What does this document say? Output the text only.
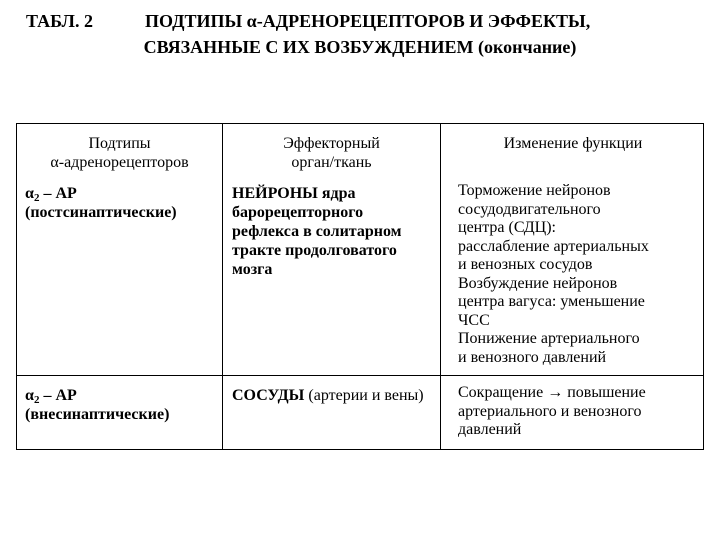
ТАБЛ. 2	ПОДТИПЫ α-АДРЕНОРЕЦЕПТОРОВ И ЭФФЕКТЫ,
СВЯЗАННЫЕ С ИХ ВОЗБУЖДЕНИЕМ (окончание)
Подтипы
α-адренорецепторов
Эффекторный
орган/ткань
Изменение функции
$\alpha_2$ – АР
(постсинаптические)
НЕЙРОНЫ ядра барорецепторного рефлекса в солитарном тракте продолговатого мозга
Торможение нейронов
сосудодвигательного
центра (СДЦ):
расслабление артериальных
и венозных сосудов
Возбуждение нейронов
центра вагуса: уменьшение
ЧСС
Понижение артериального
и венозного давлений
$\alpha_2$ – АР
(внесинаптические)
СОСУДЫ (артерии и вены)	Сокращение → повышение
артериального и венозного
давлений
